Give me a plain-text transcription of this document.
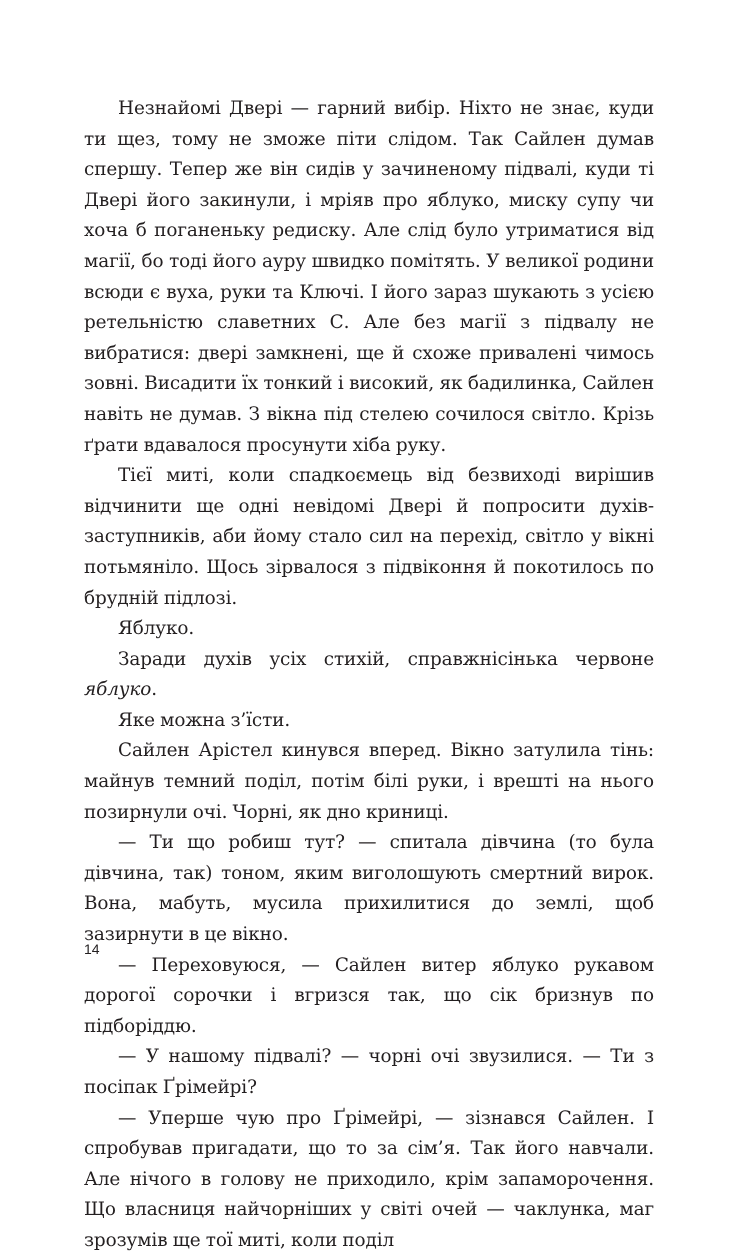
Незнайомі Двері — гарний вибір. Ніхто не знає, куди ти щез, тому не зможе піти слідом. Так Сайлен думав спершу. Тепер же він сидів у зачиненому підвалі, куди ті Двері його закинули, і мріяв про яблуко, миску супу чи хоча б поганеньку редиску. Але слід було утриматися від магії, бо тоді його ауру швидко помітять. У великої родини всюди є вуха, руки та Ключі. І його зараз шукають з усією ретельністю славетних С. Але без магії з підвалу не вибратися: двері замкнені, ще й схоже привалені чимось зовні. Висадити їх тонкий і високий, як бадилинка, Сайлен навіть не думав. З вікна під стелею сочилося світло. Крізь ґрати вдавалося просунути хіба руку.

Тієї миті, коли спадкоємець від безвиході вирішив відчинити ще одні невідомі Двері й попросити духів-заступників, аби йому стало сил на перехід, світло у вікні потьмяніло. Щось зірвалося з підвіконня й покотилось по брудній підлозі.

Яблуко.

Заради духів усіх стихій, справжнісінька червоне яблуко.

Яке можна з’їсти.

Сайлен Арістел кинувся вперед. Вікно затулила тінь: майнув темний поділ, потім білі руки, і врешті на нього позирнули очі. Чорні, як дно криниці.

— Ти що робиш тут? — спитала дівчина (то була дівчина, так) тоном, яким виголошують смертний вирок. Вона, мабуть, мусила прихилитися до землі, щоб зазирнути в це вікно.

— Переховуюся, — Сайлен витер яблуко рукавом дорогої сорочки і вгризся так, що сік бризнув по підборіддю.

— У нашому підвалі? — чорні очі звузилися. — Ти з посіпак Ґрімейрі?

— Уперше чую про Ґрімейрі, — зізнався Сайлен. І спробував пригадати, що то за сім’я. Так його навчали. Але нічого в голову не приходило, крім запаморочення. Що власниця найчорніших у світі очей — чаклунка, маг зрозумів ще тої миті, коли поділ

14
